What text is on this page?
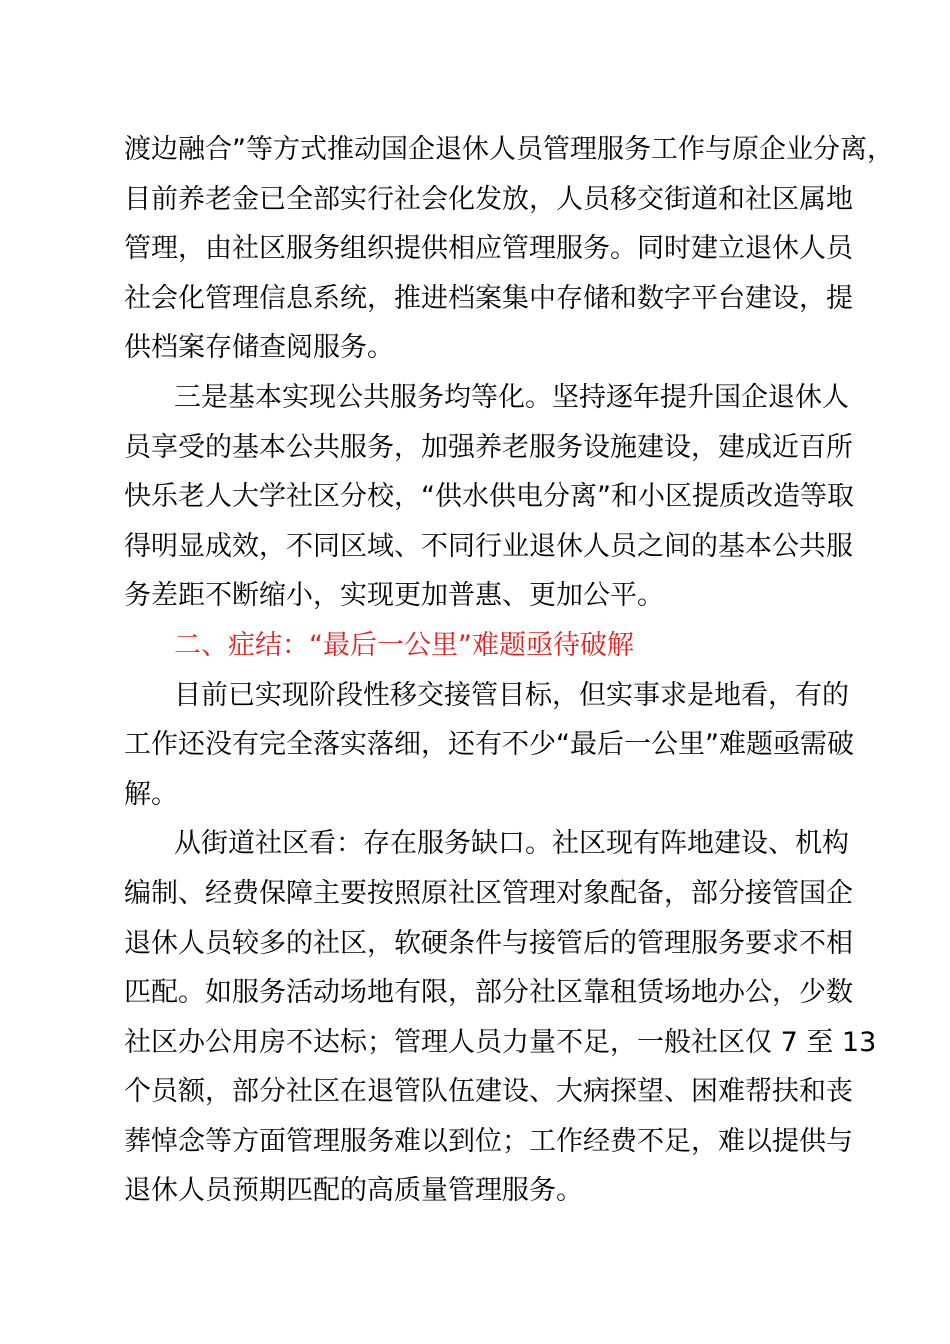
渡边融合”等方式推动国企退休人员管理服务工作与原企业分离，
目前养老金已全部实行社会化发放，人员移交街道和社区属地
管理，由社区服务组织提供相应管理服务。同时建立退休人员
社会化管理信息系统，推进档案集中存储和数字平台建设，提
供档案存储查阅服务。
三是基本实现公共服务均等化。坚持逐年提升国企退休人
员享受的基本公共服务，加强养老服务设施建设，建成近百所
快乐老人大学社区分校，“供水供电分离”和小区提质改造等取
得明显成效，不同区域、不同行业退休人员之间的基本公共服
务差距不断缩小，实现更加普惠、更加公平。
二、症结：“最后一公里”难题亟待破解
目前已实现阶段性移交接管目标，但实事求是地看，有的
工作还没有完全落实落细，还有不少“最后一公里”难题亟需破
解。
从街道社区看：存在服务缺口。社区现有阵地建设、机构
编制、经费保障主要按照原社区管理对象配备，部分接管国企
退休人员较多的社区，软硬条件与接管后的管理服务要求不相
匹配。如服务活动场地有限，部分社区靠租赁场地办公，少数
社区办公用房不达标；管理人员力量不足，一般社区仅 7 至 13
个员额，部分社区在退管队伍建设、大病探望、困难帮扶和丧
葬悼念等方面管理服务难以到位；工作经费不足，难以提供与
退休人员预期匹配的高质量管理服务。
